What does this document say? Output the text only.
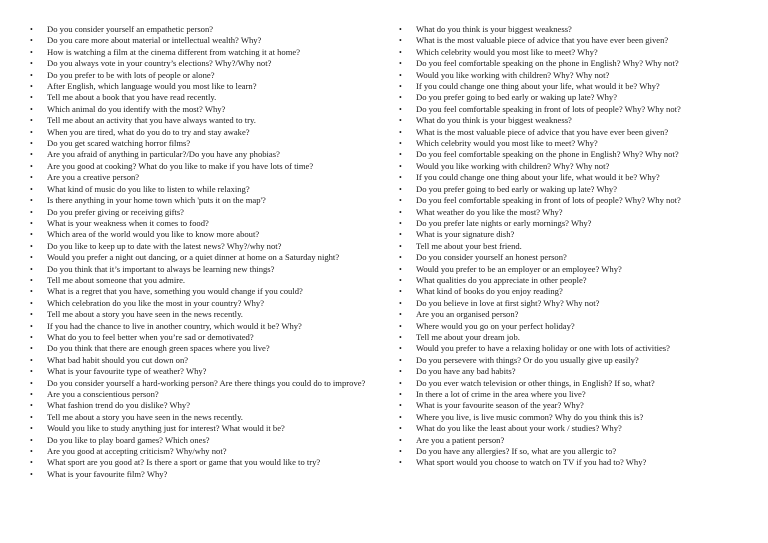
• Do you consider yourself an empathetic person?
• Do you care more about material or intellectual wealth? Why?
• How is watching a film at the cinema different from watching it at home?
• Do you always vote in your country’s elections? Why?/Why not?
• Do you prefer to be with lots of people or alone?
• After English, which language would you most like to learn?
• Tell me about a book that you have read recently.
• Which animal do you identify with the most? Why?
• Tell me about an activity that you have always wanted to try.
• When you are tired, what do you do to try and stay awake?
• Do you get scared watching horror films?
• Are you afraid of anything in particular?/Do you have any phobias?
• Are you good at cooking? What do you like to make if you have lots of time?
• Are you a creative person?
• What kind of music do you like to listen to while relaxing?
• Is there anything in your home town which 'puts it on the map'?
• Do you prefer giving or receiving gifts?
• What is your weakness when it comes to food?
• Which area of the world would you like to know more about?
• Do you like to keep up to date with the latest news? Why?/why not?
• Would you prefer a night out dancing, or a quiet dinner at home on a Saturday night?
• Do you think that it’s important to always be learning new things?
• Tell me about someone that you admire.
• What is a regret that you have, something you would change if you could?
• Which celebration do you like the most in your country? Why?
• Tell me about a story you have seen in the news recently.
• If you had the chance to live in another country, which would it be? Why?
• What do you to feel better when you’re sad or demotivated?
• Do you think that there are enough green spaces where you live?
• What bad habit should you cut down on?
• What is your favourite type of weather? Why?
• Do you consider yourself a hard-working person? Are there things you could do to improve?
• Are you a conscientious person?
• What fashion trend do you dislike? Why?
• Tell me about a story you have seen in the news recently.
• Would you like to study anything just for interest? What would it be?
• Do you like to play board games? Which ones?
• Are you good at accepting criticism? Why/why not?
• What sport are you good at? Is there a sport or game that you would like to try?
• What is your favourite film? Why?
• What do you think is your biggest weakness?
• What is the most valuable piece of advice that you have ever been given?
• Which celebrity would you most like to meet? Why?
• Do you feel comfortable speaking on the phone in English? Why? Why not?
• Would you like working with children? Why? Why not?
• If you could change one thing about your life, what would it be? Why?
• Do you prefer going to bed early or waking up late? Why?
• Do you feel comfortable speaking in front of lots of people? Why? Why not?
• What do you think is your biggest weakness?
• What is the most valuable piece of advice that you have ever been given?
• Which celebrity would you most like to meet? Why?
• Do you feel comfortable speaking on the phone in English? Why? Why not?
• Would you like working with children? Why? Why not?
• If you could change one thing about your life, what would it be? Why?
• Do you prefer going to bed early or waking up late? Why?
• Do you feel comfortable speaking in front of lots of people? Why? Why not?
• What weather do you like the most? Why?
• Do you prefer late nights or early mornings? Why?
• What is your signature dish?
• Tell me about your best friend.
• Do you consider yourself an honest person?
• Would you prefer to be an employer or an employee? Why?
• What qualities do you appreciate in other people?
• What kind of books do you enjoy reading?
• Do you believe in love at first sight? Why? Why not?
• Are you an organised person?
• Where would you go on your perfect holiday?
• Tell me about your dream job.
• Would you prefer to have a relaxing holiday or one with lots of activities?
• Do you persevere with things? Or do you usually give up easily?
• Do you have any bad habits?
• Do you ever watch television or other things, in English? If so, what?
• In there a lot of crime in the area where you live?
• What is your favourite season of the year? Why?
• Where you live, is live music common? Why do you think this is?
• What do you like the least about your work / studies? Why?
• Are you a patient person?
• Do you have any allergies? If so, what are you allergic to?
• What sport would you choose to watch on TV if you had to? Why?
